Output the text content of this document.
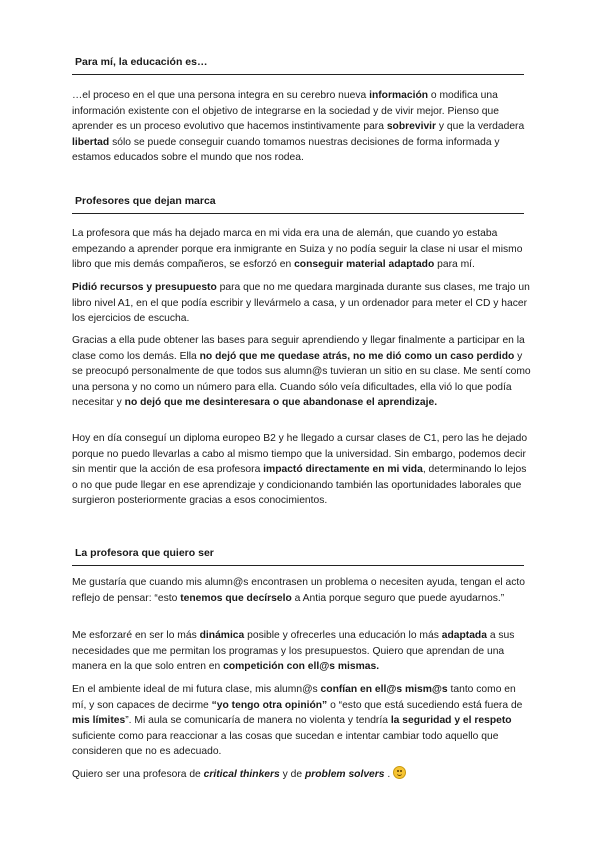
Para mí, la educación es…

…el proceso en el que una persona integra en su cerebro nueva información o modifica una información existente con el objetivo de integrarse en la sociedad y de vivir mejor. Pienso que aprender es un proceso evolutivo que hacemos instintivamente para sobrevivir y que la verdadera libertad sólo se puede conseguir cuando tomamos nuestras decisiones de forma informada y estamos educados sobre el mundo que nos rodea.

Profesores que dejan marca

La profesora que más ha dejado marca en mi vida era una de alemán, que cuando yo estaba empezando a aprender porque era inmigrante en Suiza y no podía seguir la clase ni usar el mismo libro que mis demás compañeros, se esforzó en conseguir material adaptado para mí.

Pidió recursos y presupuesto para que no me quedara marginada durante sus clases, me trajo un libro nivel A1, en el que podía escribir y llevármelo a casa, y un ordenador para meter el CD y hacer los ejercicios de escucha.

Gracias a ella pude obtener las bases para seguir aprendiendo y llegar finalmente a participar en la clase como los demás. Ella no dejó que me quedase atrás, no me dió como un caso perdido y se preocupó personalmente de que todos sus alumn@s tuvieran un sitio en su clase. Me sentí como una persona y no como un número para ella. Cuando sólo veía dificultades, ella vió lo que podía necesitar y no dejó que me desinteresara o que abandonase el aprendizaje.

Hoy en día conseguí un diploma europeo B2 y he llegado a cursar clases de C1, pero las he dejado porque no puedo llevarlas a cabo al mismo tiempo que la universidad. Sin embargo, podemos decir sin mentir que la acción de esa profesora impactó directamente en mi vida, determinando lo lejos o no que pude llegar en ese aprendizaje y condicionando también las oportunidades laborales que surgieron posteriormente gracias a esos conocimientos.

La profesora que quiero ser

Me gustaría que cuando mis alumn@s encontrasen un problema o necesiten ayuda, tengan el acto reflejo de pensar: “esto tenemos que decírselo a Antia porque seguro que puede ayudarnos.”

Me esforzaré en ser lo más dinámica posible y ofrecerles una educación lo más adaptada a sus necesidades que me permitan los programas y los presupuestos. Quiero que aprendan de una manera en la que solo entren en competición con ell@s mismas.

En el ambiente ideal de mi futura clase, mis alumn@s confían en ell@s mism@s tanto como en mí, y son capaces de decirme “yo tengo otra opinión” o “esto que está sucediendo está fuera de mis límites”. Mi aula se comunicaría de manera no violenta y tendría la seguridad y el respeto suficiente como para reaccionar a las cosas que sucedan e intentar cambiar todo aquello que consideren que no es adecuado.

Quiero ser una profesora de critical thinkers y de problem solvers .
